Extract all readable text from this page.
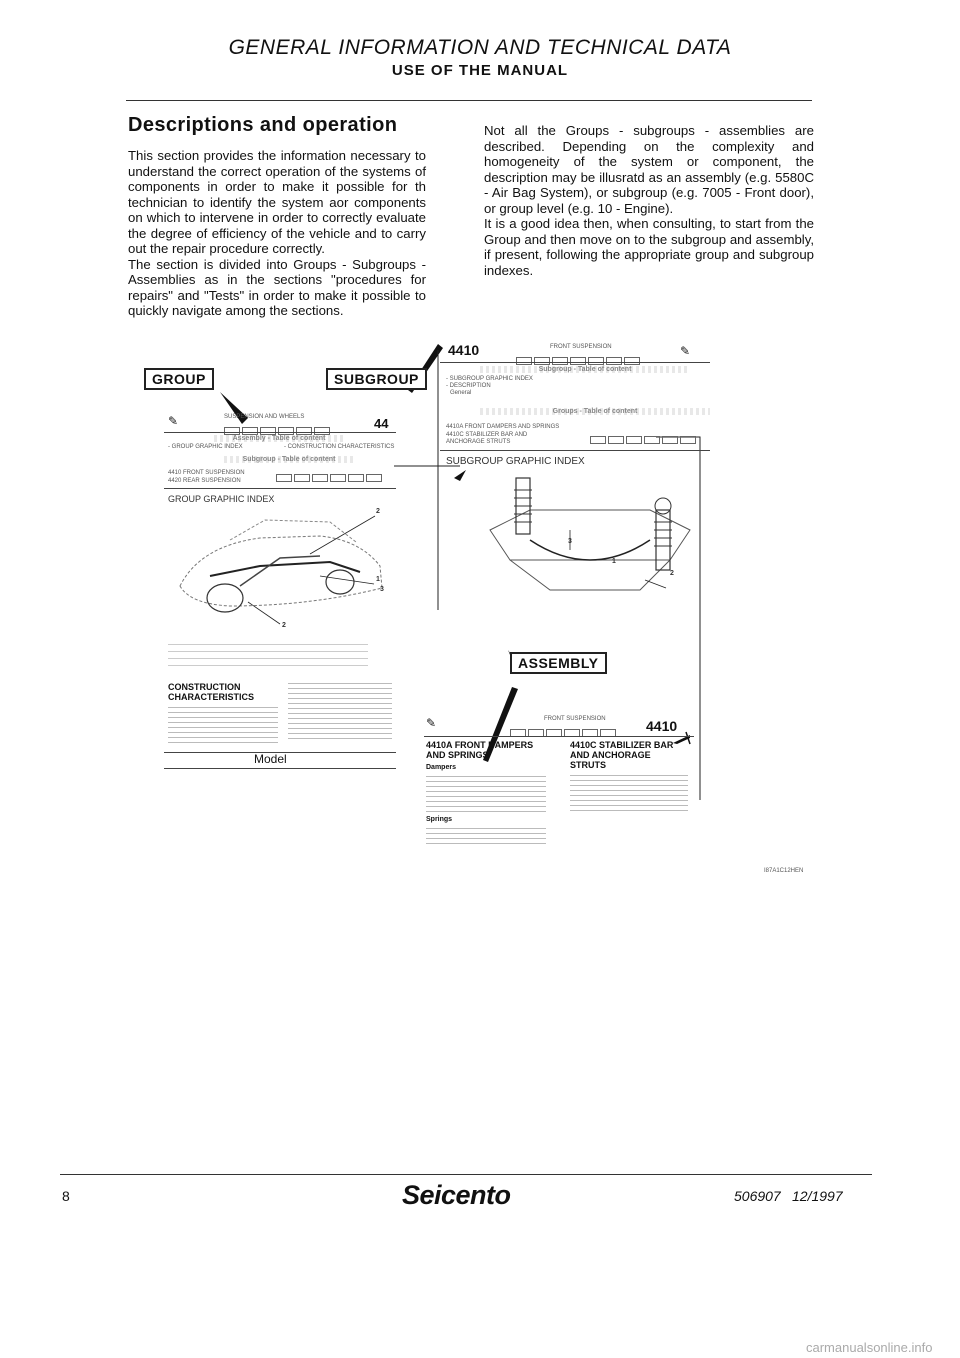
GENERAL INFORMATION AND TECHNICAL DATA
USE OF THE MANUAL
Descriptions and operation

This section provides the information necessary to understand the correct operation of the systems of components in order to make it possible for th technician to identify the system aor components on which to intervene in order to correctly evaluate the degree of efficiency of the vehicle and to carry out the repair procedure correctly.

The section is divided into Groups - Subgroups - Assemblies as in the sections "procedures for repairs" and "Tests" in order to make it possible to quickly navigate among the sections.

Not all the Groups - subgroups - assemblies are described. Depending on the complexity and homogeneity of the system or component, the description may be illusratd as an assembly (e.g. 5580C - Air Bag System), or subgroup (e.g. 7005 - Front door), or group level (e.g. 10 - Engine).

It is a good idea then, when consulting, to start from the Group and then move on to the subgroup and assembly, if present, following the appropriate group and subgroup indexes.

GROUP	SUBGROUP
ASSEMBLY
✎	SUSPENSION AND WHEELS	44
Assembly - Table of content
- GROUP GRAPHIC INDEX	- CONSTRUCTION CHARACTERISTICS
Subgroup - Table of content
4410 FRONT SUSPENSION
4420 REAR SUSPENSION
GROUP GRAPHIC INDEX
2
1
3
2
CONSTRUCTION CHARACTERISTICS
Model
4410	FRONT SUSPENSION	✎
Subgroup - Table of content
- SUBGROUP GRAPHIC INDEX
- DESCRIPTION
General
Groups - Table of content
4410A FRONT DAMPERS AND SPRINGS
4410C STABILIZER BAR AND ANCHORAGE STRUTS
SUBGROUP GRAPHIC INDEX
3
1
2
✎	FRONT SUSPENSION	4410
4410A FRONT DAMPERS AND SPRINGS
Dampers
Springs
4410C STABILIZER BAR AND ANCHORAGE STRUTS
I87A1C12HEN
8	Seicento	506907 12/1997
carmanualsonline.info
